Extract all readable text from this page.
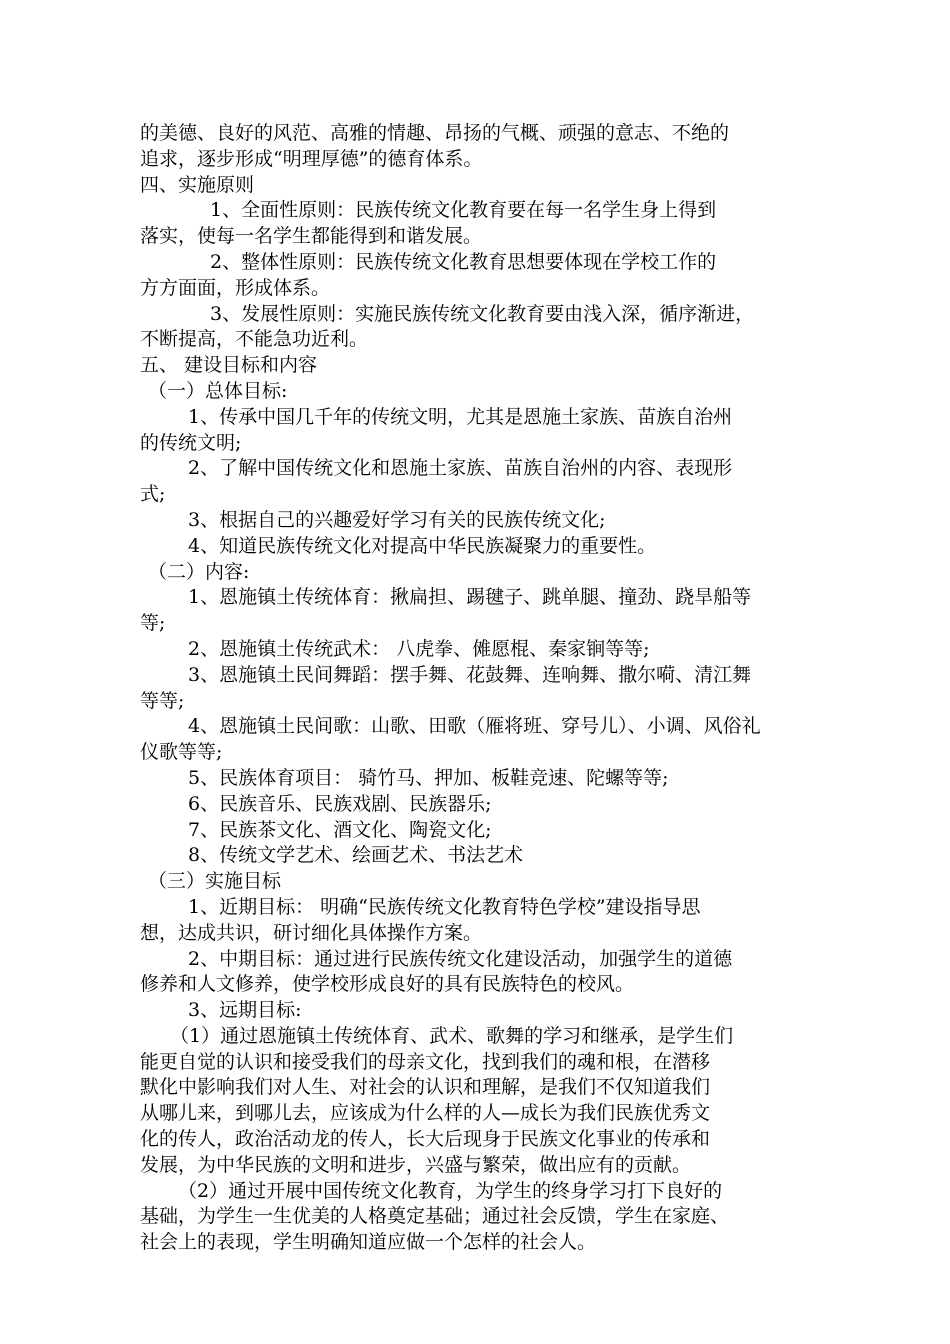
的美德、良好的风范、高雅的情趣、昂扬的气概、顽强的意志、不绝的
追求，逐步形成“明理厚德”的德育体系。
四、实施原则
1、全面性原则：民族传统文化教育要在每一名学生身上得到
落实，使每一名学生都能得到和谐发展。
2、整体性原则：民族传统文化教育思想要体现在学校工作的
方方面面，形成体系。
3、发展性原则：实施民族传统文化教育要由浅入深，循序渐进，
不断提高，不能急功近利。
五、 建设目标和内容
（一）总体目标:
1、传承中国几千年的传统文明，尤其是恩施土家族、苗族自治州
的传统文明;
2、了解中国传统文化和恩施土家族、苗族自治州的内容、表现形
式;
3、根据自己的兴趣爱好学习有关的民族传统文化;
4、知道民族传统文化对提高中华民族凝聚力的重要性。
（二）内容:
1、恩施镇土传统体育：揪扁担、踢毽子、跳单腿、撞劲、跷旱船等
等;
2、恩施镇土传统武术： 八虎拳、傩愿棍、秦家锏等等;
3、恩施镇土民间舞蹈：摆手舞、花鼓舞、连响舞、撒尔嗬、清江舞
等等;
4、恩施镇土民间歌：山歌、田歌（雁将班、穿号儿）、小调、风俗礼
仪歌等等;
5、民族体育项目： 骑竹马、押加、板鞋竞速、陀螺等等;
6、民族音乐、民族戏剧、民族器乐;
7、民族茶文化、酒文化、陶瓷文化;
8、传统文学艺术、绘画艺术、书法艺术
（三）实施目标
1、近期目标： 明确“民族传统文化教育特色学校”建设指导思
想，达成共识，研讨细化具体操作方案。
2、中期目标：通过进行民族传统文化建设活动，加强学生的道德
修养和人文修养，使学校形成良好的具有民族特色的校风。
3、远期目标:
（1）通过恩施镇土传统体育、武术、歌舞的学习和继承，是学生们
能更自觉的认识和接受我们的母亲文化，找到我们的魂和根，在潜移
默化中影响我们对人生、对社会的认识和理解，是我们不仅知道我们
从哪儿来，到哪儿去，应该成为什么样的人—成长为我们民族优秀文
化的传人，政治活动龙的传人，长大后现身于民族文化事业的传承和
发展，为中华民族的文明和进步，兴盛与繁荣，做出应有的贡献。
（2）通过开展中国传统文化教育，为学生的终身学习打下良好的
基础，为学生一生优美的人格奠定基础；通过社会反馈，学生在家庭、
社会上的表现，学生明确知道应做一个怎样的社会人。
